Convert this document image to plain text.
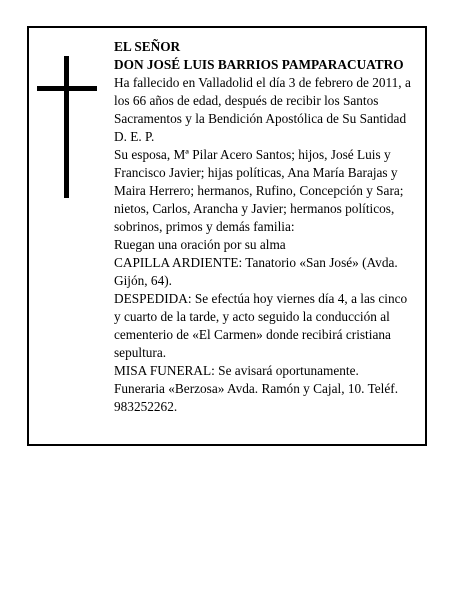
EL SEÑOR
DON JOSÉ LUIS BARRIOS PAMPARACUATRO
Ha fallecido en Valladolid el día 3 de febrero de 2011, a
los 66 años de edad, después de recibir los Santos
Sacramentos y la Bendición Apostólica de Su Santidad
D. E. P.
Su esposa, Mª Pilar Acero Santos; hijos, José Luis y
Francisco Javier; hijas políticas, Ana María Barajas y
Maira Herrero; hermanos, Rufino, Concepción y Sara;
nietos, Carlos, Arancha y Javier; hermanos políticos,
sobrinos, primos y demás familia:
Ruegan una oración por su alma
CAPILLA ARDIENTE: Tanatorio «San José» (Avda.
Gijón, 64).
DESPEDIDA: Se efectúa hoy viernes día 4, a las cinco
y cuarto de la tarde, y acto seguido la conducción al
cementerio de «El Carmen» donde recibirá cristiana
sepultura.
MISA FUNERAL: Se avisará oportunamente.
Funeraria «Berzosa» Avda. Ramón y Cajal, 10. Teléf.
983252262.
